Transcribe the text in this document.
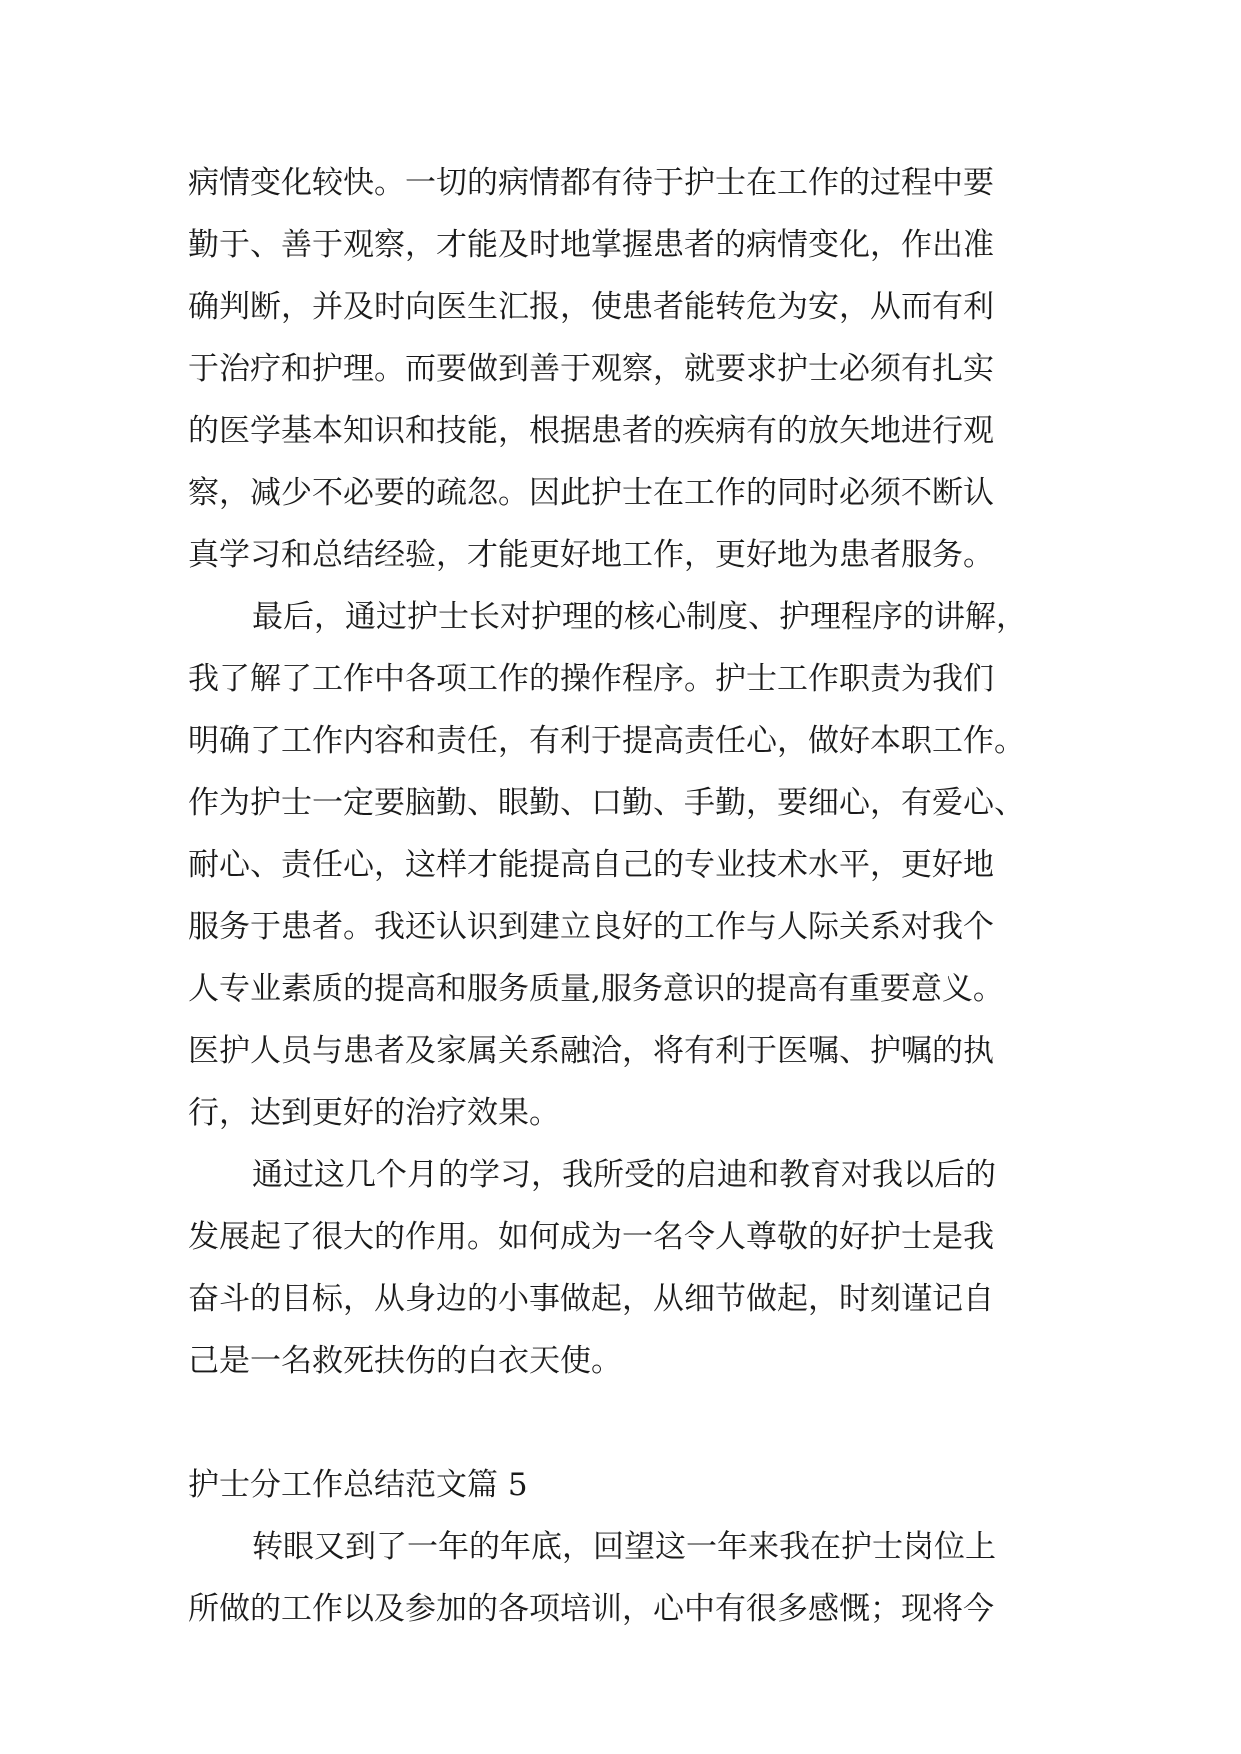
病情变化较快。一切的病情都有待于护士在工作的过程中要
勤于、善于观察，才能及时地掌握患者的病情变化，作出准
确判断，并及时向医生汇报，使患者能转危为安，从而有利
于治疗和护理。而要做到善于观察，就要求护士必须有扎实
的医学基本知识和技能，根据患者的疾病有的放矢地进行观
察，减少不必要的疏忽。因此护士在工作的同时必须不断认
真学习和总结经验，才能更好地工作，更好地为患者服务。
最后，通过护士长对护理的核心制度、护理程序的讲解，
我了解了工作中各项工作的操作程序。护士工作职责为我们
明确了工作内容和责任，有利于提高责任心，做好本职工作。
作为护士一定要脑勤、眼勤、口勤、手勤，要细心，有爱心、
耐心、责任心，这样才能提高自己的专业技术水平，更好地
服务于患者。我还认识到建立良好的工作与人际关系对我个
人专业素质的提高和服务质量,服务意识的提高有重要意义。
医护人员与患者及家属关系融洽，将有利于医嘱、护嘱的执
行，达到更好的治疗效果。
通过这几个月的学习，我所受的启迪和教育对我以后的
发展起了很大的作用。如何成为一名令人尊敬的好护士是我
奋斗的目标，从身边的小事做起，从细节做起，时刻谨记自
己是一名救死扶伤的白衣天使。
护士分工作总结范文篇 5
转眼又到了一年的年底，回望这一年来我在护士岗位上
所做的工作以及参加的各项培训，心中有很多感慨；现将今
